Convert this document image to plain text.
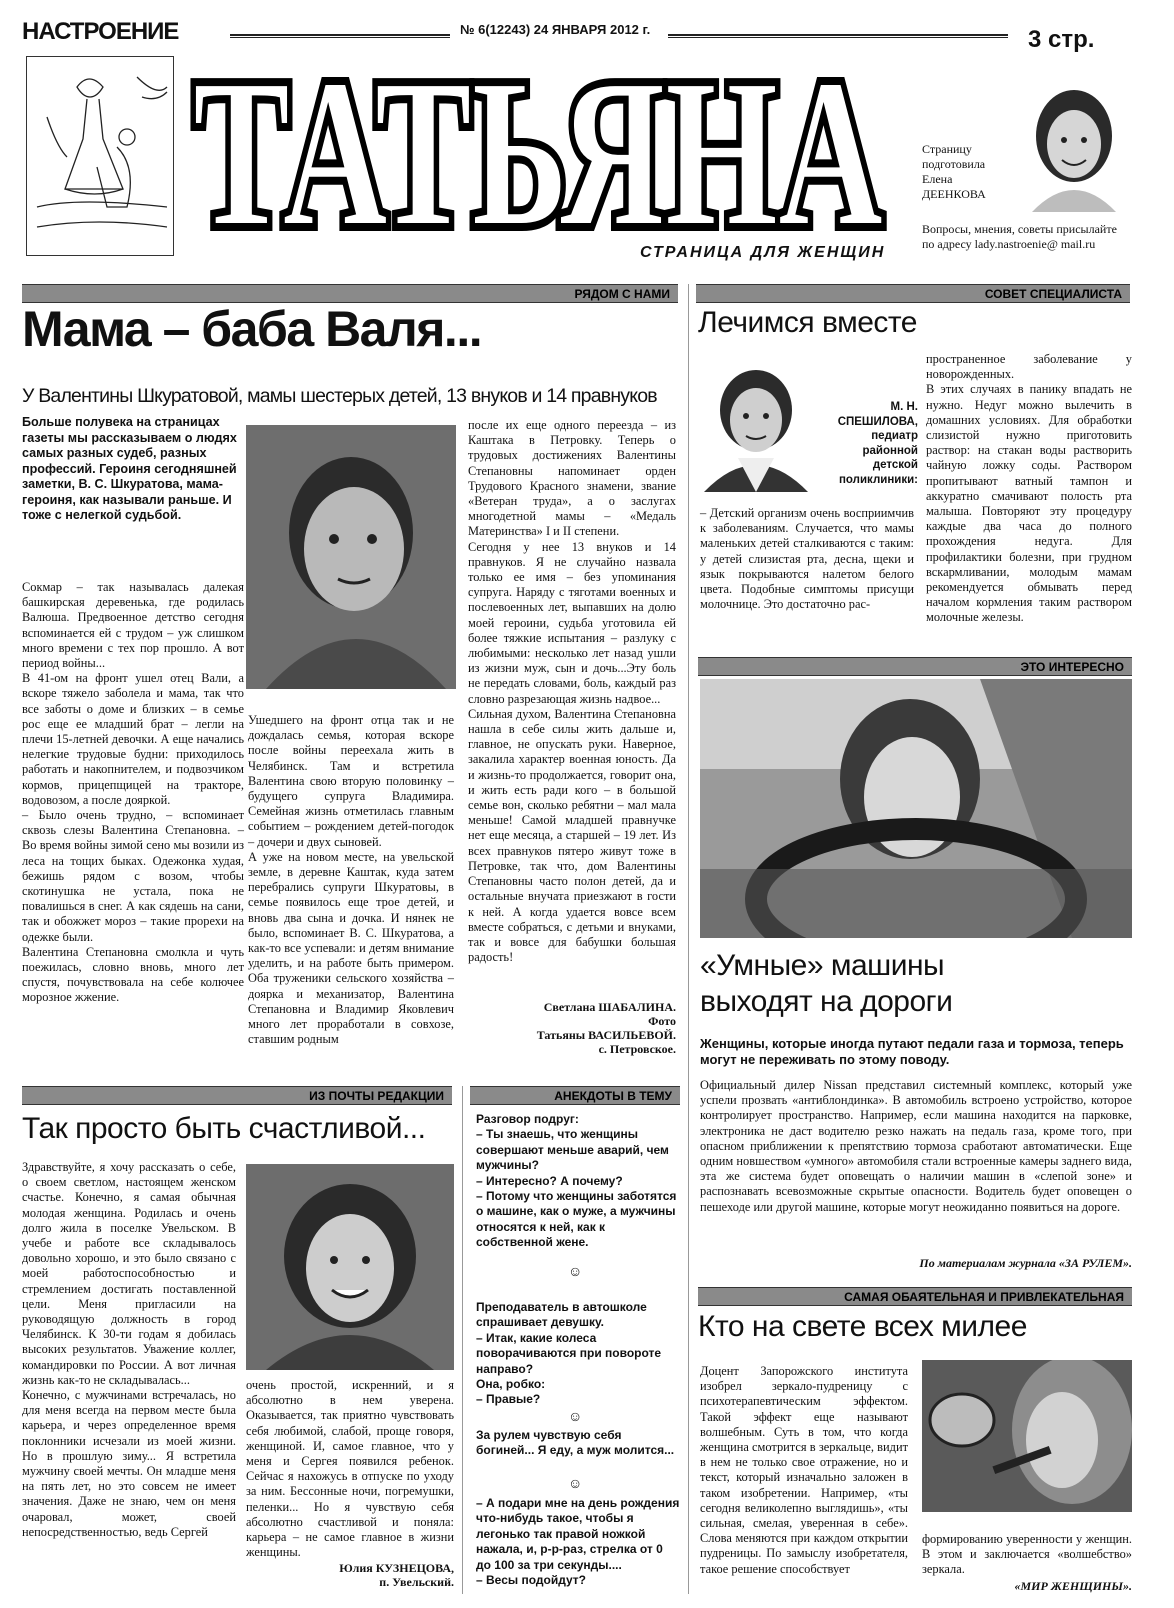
НАСТРОЕНИЕ	№ 6(12243) 24 ЯНВАРЯ 2012 г.	3 стр.
ТАТЬЯНА
ТАТЬЯНА
СТРАНИЦА ДЛЯ ЖЕНЩИН
Страницу
подготовила
Елена
ДЕЕНКОВА
Вопросы, мнения, советы присылайте по адресу lady.nastroenie@ mail.ru
РЯДОМ С НАМИ
Мама – баба Валя...
У Валентины Шкуратовой, мамы шестерых детей, 13 внуков и 14 правнуков
Больше полувека на страницах газеты мы рассказываем о людях самых разных судеб, разных профессий. Героиня сегодняшней заметки, В. С. Шкуратова, мама-героиня, как называли раньше. И тоже с нелегкой судьбой.
Сокмар – так называлась далекая башкирская деревенька, где родилась Валюша. Предвоенное детство сегодня вспоминается ей с трудом – уж слишком много времени с тех пор прошло. А вот период войны...
В 41-ом на фронт ушел отец Вали, а вскоре тяжело заболела и мама, так что все заботы о доме и близких – в семье рос еще ее младший брат – легли на плечи 15-летней девочки. А еще начались нелегкие трудовые будни: приходилось работать и накопнителем, и подвозчиком кормов, прицепщицей на тракторе, водовозом, а после дояркой.
– Было очень трудно, – вспоминает сквозь слезы Валентина Степановна. – Во время войны зимой сено мы возили из леса на тощих быках. Одежонка худая, бежишь рядом с возом, чтобы скотинушка не устала, пока не повалишься в снег. А как сядешь на сани, так и обожжет мороз – такие прорехи на одежке были.
Валентина Степановна смолкла и чуть поежилась, словно вновь, много лет спустя, почувствовала на себе колючее морозное жжение.
Ушедшего на фронт отца так и не дождалась семья, которая вскоре после войны переехала жить в Челябинск. Там и встретила Валентина свою вторую половинку – будущего супруга Владимира. Семейная жизнь отметилась главным событием – рождением детей-погодок – дочери и двух сыновей.
А уже на новом месте, на увельской земле, в деревне Каштак, куда затем перебрались супруги Шкуратовы, в семье появилось еще трое детей, и вновь два сына и дочка. И нянек не было, вспоминает В. С. Шкуратова, а как-то все успевали: и детям внимание уделить, и на работе быть примером. Оба труженики сельского хозяйства – доярка и механизатор, Валентина Степановна и Владимир Яковлевич много лет проработали в совхозе, ставшим родным
после их еще одного переезда – из Каштака в Петровку. Теперь о трудовых достижениях Валентины Степановны напоминает орден Трудового Красного знамени, звание «Ветеран труда», а о заслугах многодетной мамы – «Медаль Материнства» I и II степени.
Сегодня у нее 13 внуков и 14 правнуков. Я не случайно назвала только ее имя – без упоминания супруга. Наряду с тяготами военных и послевоенных лет, выпавших на долю моей героини, судьба уготовила ей более тяжкие испытания – разлуку с любимыми: несколько лет назад ушли из жизни муж, сын и дочь...Эту боль не передать словами, боль, каждый раз словно разрезающая жизнь надвое...
Сильная духом, Валентина Степановна нашла в себе силы жить дальше и, главное, не опускать руки. Наверное, закалила характер военная юность. Да и жизнь-то продолжается, говорит она, и жить есть ради кого – в большой семье вон, сколько ребятни – мал мала меньше! Самой младшей правнучке нет еще месяца, а старшей – 19 лет. Из всех правнуков пятеро живут тоже в Петровке, так что, дом Валентины Степановны часто полон детей, да и остальные внучата приезжают в гости к ней. А когда удается вовсе всем вместе собраться, с детьми и внуками, так и вовсе для бабушки большая радость!
Светлана ШАБАЛИНА.
Фото
Татьяны ВАСИЛЬЕВОЙ.
с. Петровское.
СОВЕТ СПЕЦИАЛИСТА
Лечимся вместе
М. Н.
СПЕШИЛОВА,
педиатр
районной
детской
поликлиники:
– Детский организм очень восприимчив к заболеваниям. Случается, что мамы маленьких детей сталкиваются с таким: у детей слизистая рта, десна, щеки и язык покрываются налетом белого цвета. Подобные симптомы присущи молочнице. Это достаточно рас-
пространенное заболевание у новорожденных.
В этих случаях в панику впадать не нужно. Недуг можно вылечить в домашних условиях. Для обработки слизистой нужно приготовить раствор: на стакан воды растворить чайную ложку соды. Раствором пропитывают ватный тампон и аккуратно смачивают полость рта малыша. Повторяют эту процедуру каждые два часа до полного прохождения недуга. Для профилактики болезни, при грудном вскармливании, молодым мамам рекомендуется обмывать перед началом кормления таким раствором молочные железы.
ЭТО ИНТЕРЕСНО
«Умные» машины
выходят на дороги
Женщины, которые иногда путают педали газа и тормоза, теперь могут не переживать по этому поводу.
Официальный дилер Nissan представил системный комплекс, который уже успели прозвать «антиблондинка». В автомобиль встроено устройство, которое контролирует пространство. Например, если машина находится на парковке, электроника не даст водителю резко нажать на педаль газа, кроме того, при опасном приближении к препятствию тормоза сработают автоматически. Еще одним новшеством «умного» автомобиля стали встроенные камеры заднего вида, эта же система будет оповещать о наличии машин в «слепой зоне» и распознавать всевозможные скрытые опасности. Водитель будет оповещен о пешеходе или другой машине, которые могут неожиданно появиться на дороге.
По материалам журнала «ЗА РУЛЕМ».
ИЗ ПОЧТЫ РЕДАКЦИИ
Так просто быть счастливой...
Здравствуйте, я хочу рассказать о себе, о своем светлом, настоящем женском счастье. Конечно, я самая обычная молодая женщина. Родилась и очень долго жила в поселке Увельском. В учебе и работе все складывалось довольно хорошо, и это было связано с моей работоспособностью и стремлением достигать поставленной цели. Меня пригласили на руководящую должность в город Челябинск. К 30-ти годам я добилась высоких результатов. Уважение коллег, командировки по России. А вот личная жизнь как-то не складывалась...
Конечно, с мужчинами встречалась, но для меня всегда на первом месте была карьера, и через определенное время поклонники исчезали из моей жизни. Но в прошлую зиму... Я встретила мужчину своей мечты. Он младше меня на пять лет, но это совсем не имеет значения. Даже не знаю, чем он меня очаровал, может, своей непосредственностью, ведь Сергей
очень простой, искренний, и я абсолютно в нем уверена. Оказывается, так приятно чувствовать себя любимой, слабой, проще говоря, женщиной. И, самое главное, что у меня и Сергея появился ребенок. Сейчас я нахожусь в отпуске по уходу за ним. Бессонные ночи, погремушки, пеленки... Но я чувствую себя абсолютно счастливой и поняла: карьера – не самое главное в жизни женщины.
Юлия КУЗНЕЦОВА,
п. Увельский.
АНЕКДОТЫ В ТЕМУ
Разговор подруг:
– Ты знаешь, что женщины совершают меньше аварий, чем мужчины?
– Интересно? А почему?
– Потому что женщины заботятся о машине, как о муже, а мужчины относятся к ней, как к собственной жене.
☺
Преподаватель в автошколе спрашивает девушку.
– Итак, какие колеса поворачиваются при повороте направо?
Она, робко:
– Правые?
☺
За рулем чувствую себя богиней... Я еду, а муж молится...
☺
– А подари мне на день рождения что-нибудь такое, чтобы я легонько так правой ножкой нажала, и, р-р-раз, стрелка от 0 до 100 за три секунды....
– Весы подойдут?
САМАЯ ОБАЯТЕЛЬНАЯ И ПРИВЛЕКАТЕЛЬНАЯ
Кто на свете всех милее
Доцент Запорожского института изобрел зеркало-пудреницу с психотерапевтическим эффектом. Такой эффект еще называют волшебным. Суть в том, что когда женщина смотрится в зеркальце, видит в нем не только свое отражение, но и текст, который изначально заложен в таком изобретении. Например, «ты сегодня великолепно выглядишь», «ты сильная, смелая, уверенная в себе». Слова меняются при каждом открытии пудреницы. По замыслу изобретателя, такое решение способствует
формированию уверенности у женщин. В этом и заключается «волшебство» зеркала.
«МИР ЖЕНЩИНЫ».
